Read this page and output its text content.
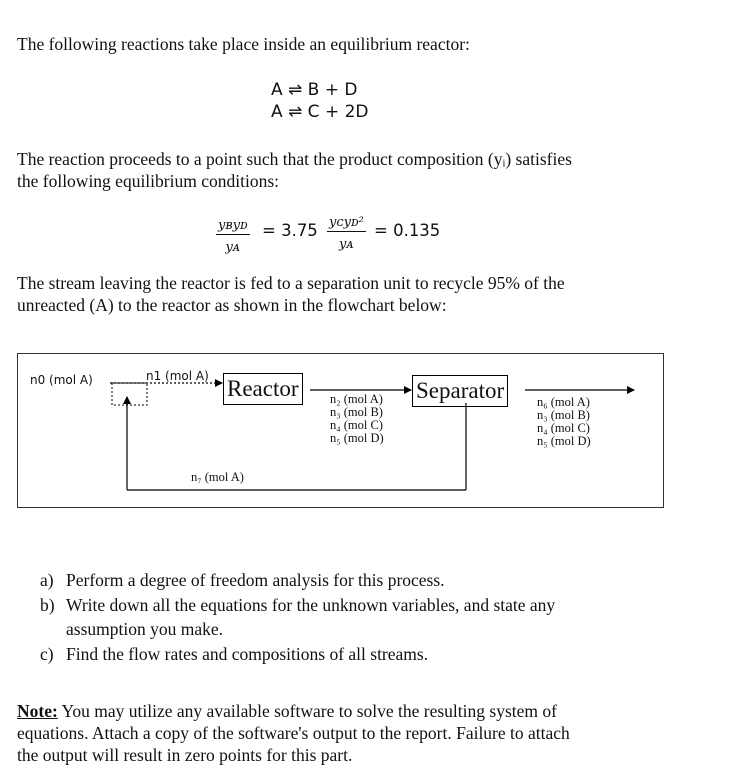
The following reactions take place inside an equilibrium reactor:
A ⇌ B + D
A ⇌ C + 2D
The reaction proceeds to a point such that the product composition (yᵢ) satisfies
the following equilibrium conditions:
yʙyᴅ
yᴀ
= 3.75 yᴄyᴅ²
yᴀ
= 0.135
The stream leaving the reactor is fed to a separation unit to recycle 95% of the
unreacted (A) to the reactor as shown in the flowchart below:
n0 (mol A)	n1 (mol A) Reactor	Separator
n₂ (mol A)
n₃ (mol B)
n₄ (mol C)
n₅ (mol D)
n₆ (mol A)
n₃ (mol B)
n₄ (mol C)
n₅ (mol D)
n₇ (mol A)
a) Perform a degree of freedom analysis for this process.
b) Write down all the equations for the unknown variables, and state any
assumption you make.
c) Find the flow rates and compositions of all streams.
Note: You may utilize any available software to solve the resulting system of
equations. Attach a copy of the software's output to the report. Failure to attach
the output will result in zero points for this part.
